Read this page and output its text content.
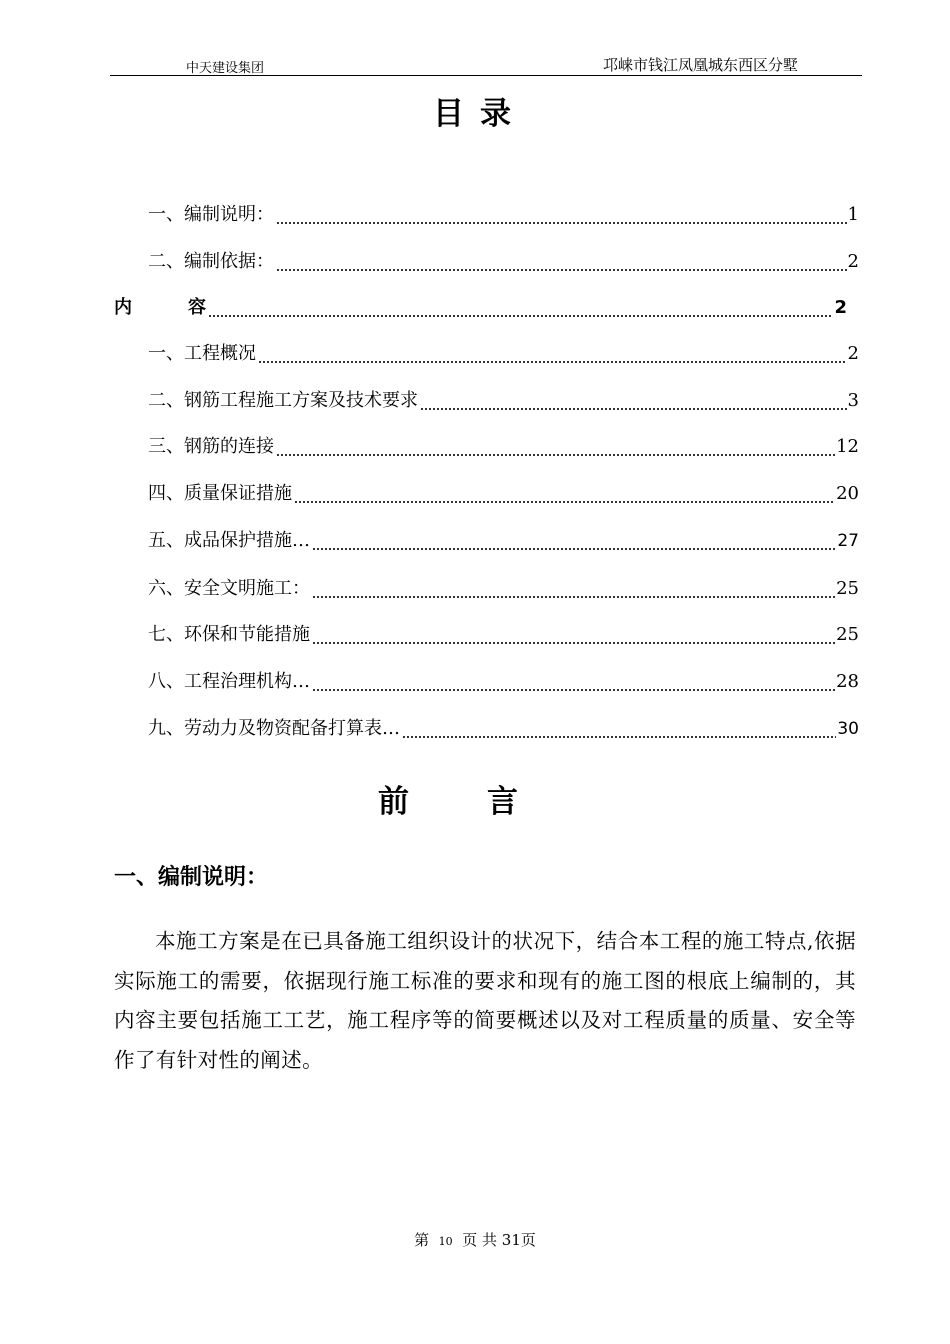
中天建设集团	邛崃市钱江凤凰城东西区分墅
目录
一、编制说明：	1
二、编制依据：	2
内	容	2
一、工程概况	2
二、钢筋工程施工方案及技术要求	3
三、钢筋的连接	12
四、质量保证措施	20
五、成品保护措施…	27
六、安全文明施工：	25
七、环保和节能措施	25
八、工程治理机构…	28
九、劳动力及物资配备打算表…	30
前	言
一、编制说明：
本施工方案是在已具备施工组织设计的状况下，结合本工程的施工特点,依据实际施工的需要，依据现行施工标准的要求和现有的施工图的根底上编制的，其内容主要包括施工工艺，施工程序等的简要概述以及对工程质量的质量、安全等作了有针对性的阐述。
第 10 页 共 31页
